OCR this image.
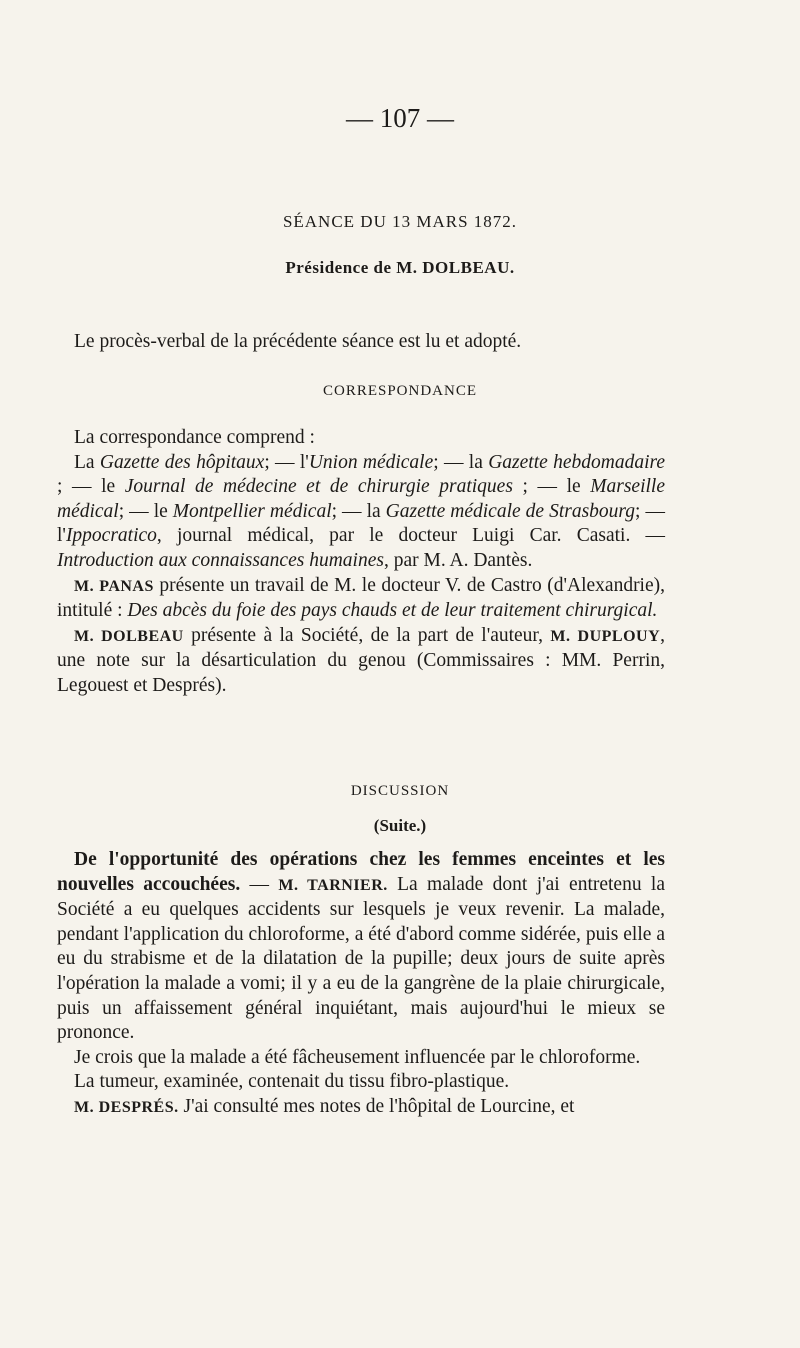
— 107 —
SÉANCE DU 13 MARS 1872.
Présidence de M. DOLBEAU.

Le procès-verbal de la précédente séance est lu et adopté.

CORRESPONDANCE

La correspondance comprend :

La Gazette des hôpitaux; — l'Union médicale; — la Gazette hebdomadaire ; — le Journal de médecine et de chirurgie pratiques ; — le Marseille médical; — le Montpellier médical; — la Gazette médicale de Strasbourg; — l'Ippocratico, journal médical, par le docteur Luigi Car. Casati. — Introduction aux connaissances humaines, par M. A. Dantès.

M. PANAS présente un travail de M. le docteur V. de Castro (d'Alexandrie), intitulé : Des abcès du foie des pays chauds et de leur traitement chirurgical.

M. DOLBEAU présente à la Société, de la part de l'auteur, M. DUPLOUY, une note sur la désarticulation du genou (Commissaires : MM. Perrin, Legouest et Després).

DISCUSSION
(Suite.)

De l'opportunité des opérations chez les femmes enceintes et les nouvelles accouchées. — M. TARNIER. La malade dont j'ai entretenu la Société a eu quelques accidents sur lesquels je veux revenir. La malade, pendant l'application du chloroforme, a été d'abord comme sidérée, puis elle a eu du strabisme et de la dilatation de la pupille; deux jours de suite après l'opération la malade a vomi; il y a eu de la gangrène de la plaie chirurgicale, puis un affaissement général inquiétant, mais aujourd'hui le mieux se prononce.

Je crois que la malade a été fâcheusement influencée par le chloroforme.

La tumeur, examinée, contenait du tissu fibro-plastique.

M. DESPRÉS. J'ai consulté mes notes de l'hôpital de Lourcine, et
